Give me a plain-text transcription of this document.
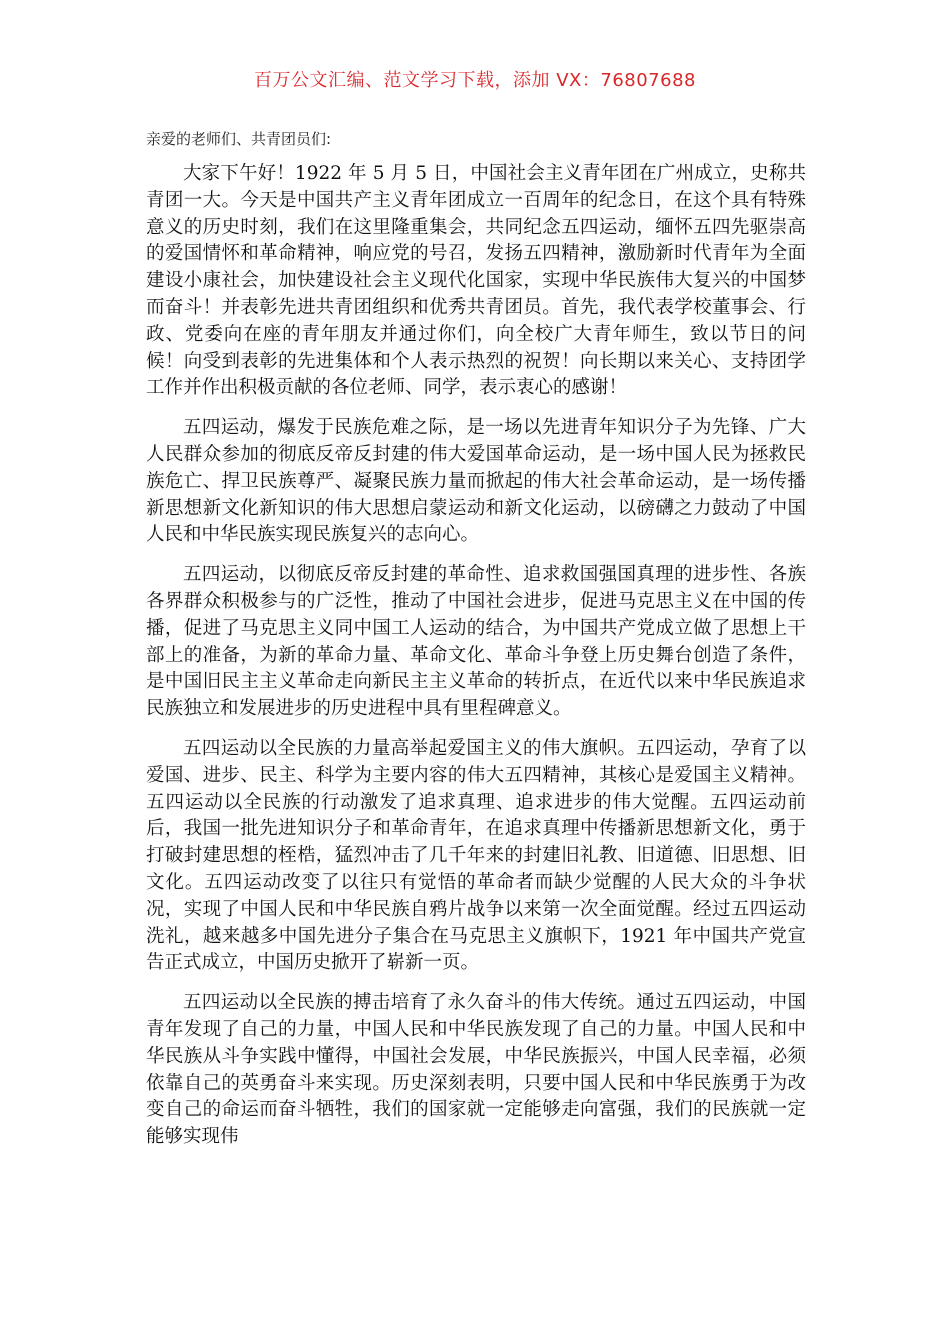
百万公文汇编、范文学习下载，添加 VX：76807688
亲爱的老师们、共青团员们:

大家下午好！1922 年 5 月 5 日，中国社会主义青年团在广州成立，史称共青团一大。今天是中国共产主义青年团成立一百周年的纪念日，在这个具有特殊意义的历史时刻，我们在这里隆重集会，共同纪念五四运动，缅怀五四先驱崇高的爱国情怀和革命精神，响应党的号召，发扬五四精神，激励新时代青年为全面建设小康社会，加快建设社会主义现代化国家，实现中华民族伟大复兴的中国梦而奋斗！并表彰先进共青团组织和优秀共青团员。首先，我代表学校董事会、行政、党委向在座的青年朋友并通过你们，向全校广大青年师生，致以节日的问候！向受到表彰的先进集体和个人表示热烈的祝贺！向长期以来关心、支持团学工作并作出积极贡献的各位老师、同学，表示衷心的感谢！

五四运动，爆发于民族危难之际，是一场以先进青年知识分子为先锋、广大人民群众参加的彻底反帝反封建的伟大爱国革命运动，是一场中国人民为拯救民族危亡、捍卫民族尊严、凝聚民族力量而掀起的伟大社会革命运动，是一场传播新思想新文化新知识的伟大思想启蒙运动和新文化运动，以磅礴之力鼓动了中国人民和中华民族实现民族复兴的志向心。

五四运动，以彻底反帝反封建的革命性、追求救国强国真理的进步性、各族各界群众积极参与的广泛性，推动了中国社会进步，促进马克思主义在中国的传播，促进了马克思主义同中国工人运动的结合，为中国共产党成立做了思想上干部上的准备，为新的革命力量、革命文化、革命斗争登上历史舞台创造了条件，是中国旧民主主义革命走向新民主主义革命的转折点，在近代以来中华民族追求民族独立和发展进步的历史进程中具有里程碑意义。

五四运动以全民族的力量高举起爱国主义的伟大旗帜。五四运动，孕育了以爱国、进步、民主、科学为主要内容的伟大五四精神，其核心是爱国主义精神。五四运动以全民族的行动激发了追求真理、追求进步的伟大觉醒。五四运动前后，我国一批先进知识分子和革命青年，在追求真理中传播新思想新文化，勇于打破封建思想的桎梏，猛烈冲击了几千年来的封建旧礼教、旧道德、旧思想、旧文化。五四运动改变了以往只有觉悟的革命者而缺少觉醒的人民大众的斗争状况，实现了中国人民和中华民族自鸦片战争以来第一次全面觉醒。经过五四运动洗礼，越来越多中国先进分子集合在马克思主义旗帜下，1921 年中国共产党宣告正式成立，中国历史掀开了崭新一页。

五四运动以全民族的搏击培育了永久奋斗的伟大传统。通过五四运动，中国青年发现了自己的力量，中国人民和中华民族发现了自己的力量。中国人民和中华民族从斗争实践中懂得，中国社会发展，中华民族振兴，中国人民幸福，必须依靠自己的英勇奋斗来实现。历史深刻表明，只要中国人民和中华民族勇于为改变自己的命运而奋斗牺牲，我们的国家就一定能够走向富强，我们的民族就一定能够实现伟
